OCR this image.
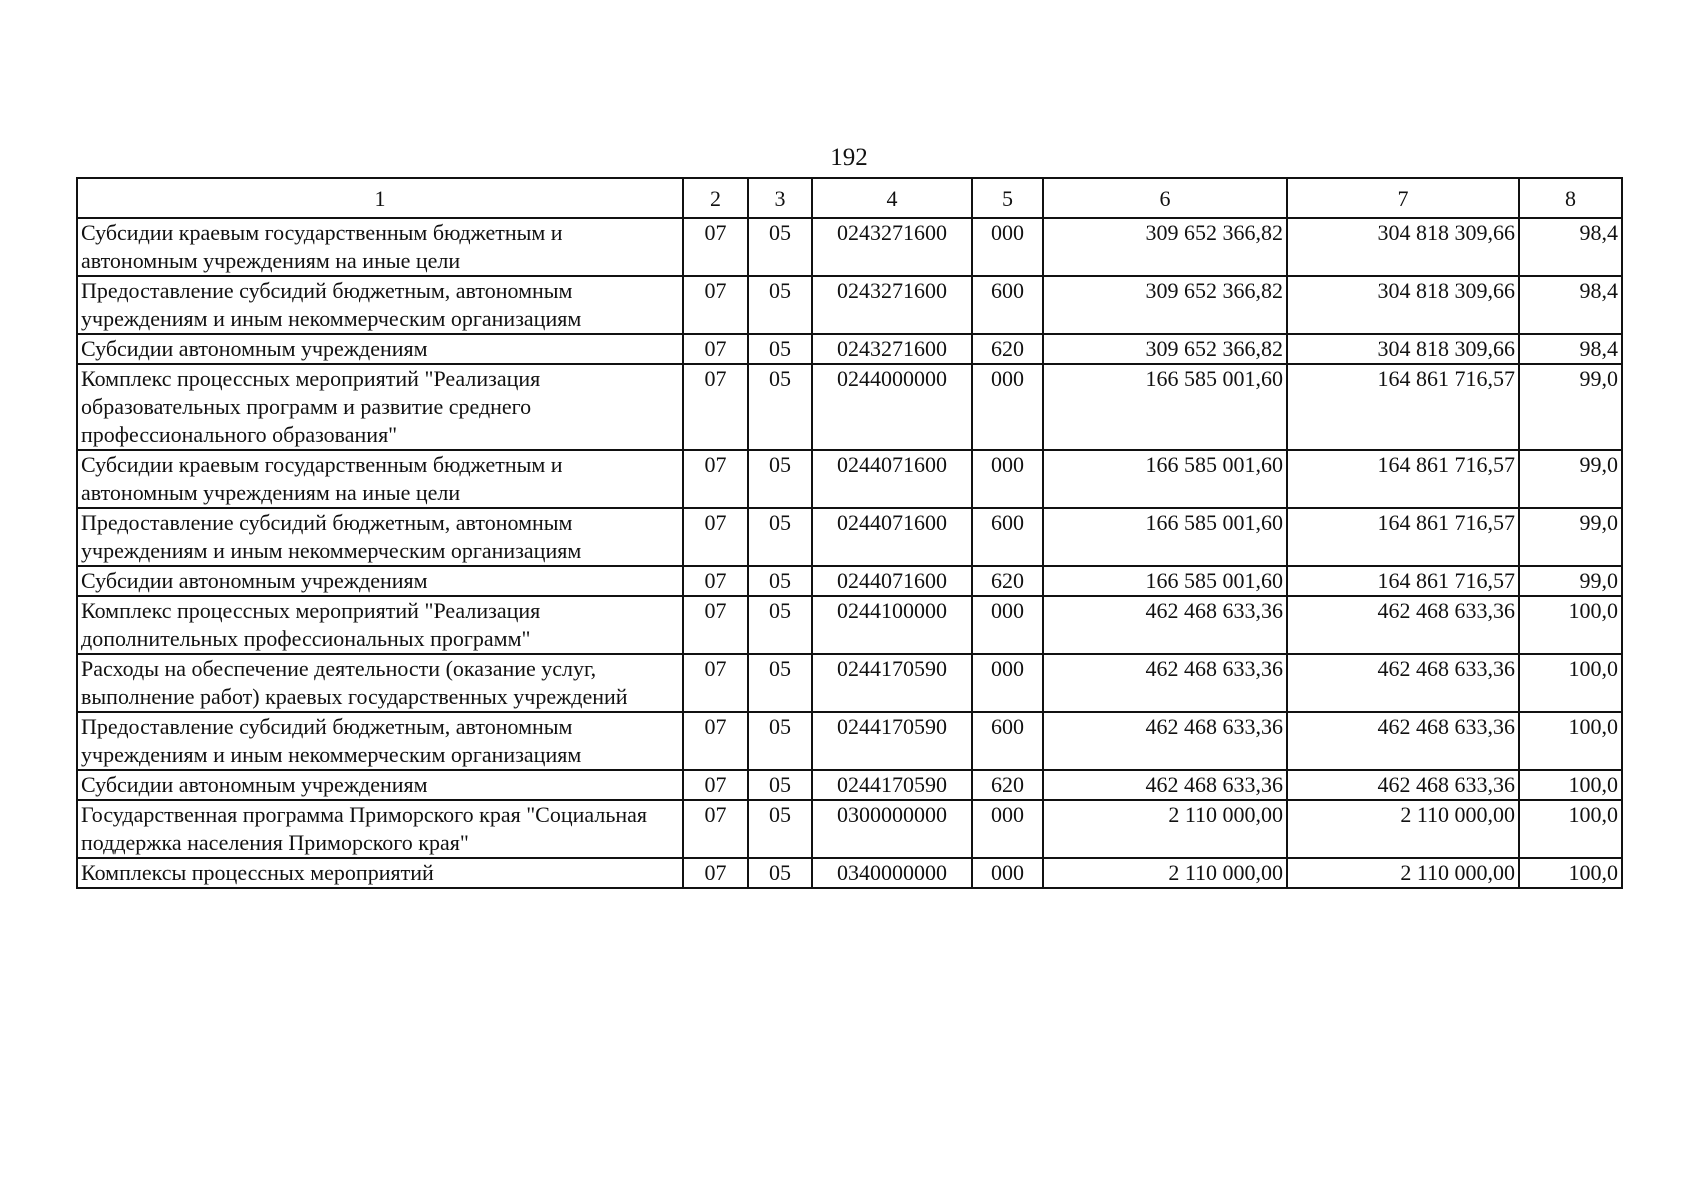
192
1	2	3	4	5	6	7	8
Субсидии краевым государственным бюджетным и автономным учреждениям на иные цели	07	05	0243271600	000	309 652 366,82	304 818 309,66	98,4
Предоставление субсидий бюджетным, автономным учреждениям и иным некоммерческим организациям	07	05	0243271600	600	309 652 366,82	304 818 309,66	98,4
Субсидии автономным учреждениям	07	05	0243271600	620	309 652 366,82	304 818 309,66	98,4
Комплекс процессных мероприятий "Реализация образовательных программ и развитие среднего профессионального образования"	07	05	0244000000	000	166 585 001,60	164 861 716,57	99,0
Субсидии краевым государственным бюджетным и автономным учреждениям на иные цели	07	05	0244071600	000	166 585 001,60	164 861 716,57	99,0
Предоставление субсидий бюджетным, автономным учреждениям и иным некоммерческим организациям	07	05	0244071600	600	166 585 001,60	164 861 716,57	99,0
Субсидии автономным учреждениям	07	05	0244071600	620	166 585 001,60	164 861 716,57	99,0
Комплекс процессных мероприятий "Реализация дополнительных профессиональных программ"	07	05	0244100000	000	462 468 633,36	462 468 633,36	100,0
Расходы на обеспечение деятельности (оказание услуг, выполнение работ) краевых государственных учреждений	07	05	0244170590	000	462 468 633,36	462 468 633,36	100,0
Предоставление субсидий бюджетным, автономным учреждениям и иным некоммерческим организациям	07	05	0244170590	600	462 468 633,36	462 468 633,36	100,0
Субсидии автономным учреждениям	07	05	0244170590	620	462 468 633,36	462 468 633,36	100,0
Государственная программа Приморского края "Социальная поддержка населения Приморского края"	07	05	0300000000	000	2 110 000,00	2 110 000,00	100,0
Комплексы процессных мероприятий	07	05	0340000000	000	2 110 000,00	2 110 000,00	100,0
